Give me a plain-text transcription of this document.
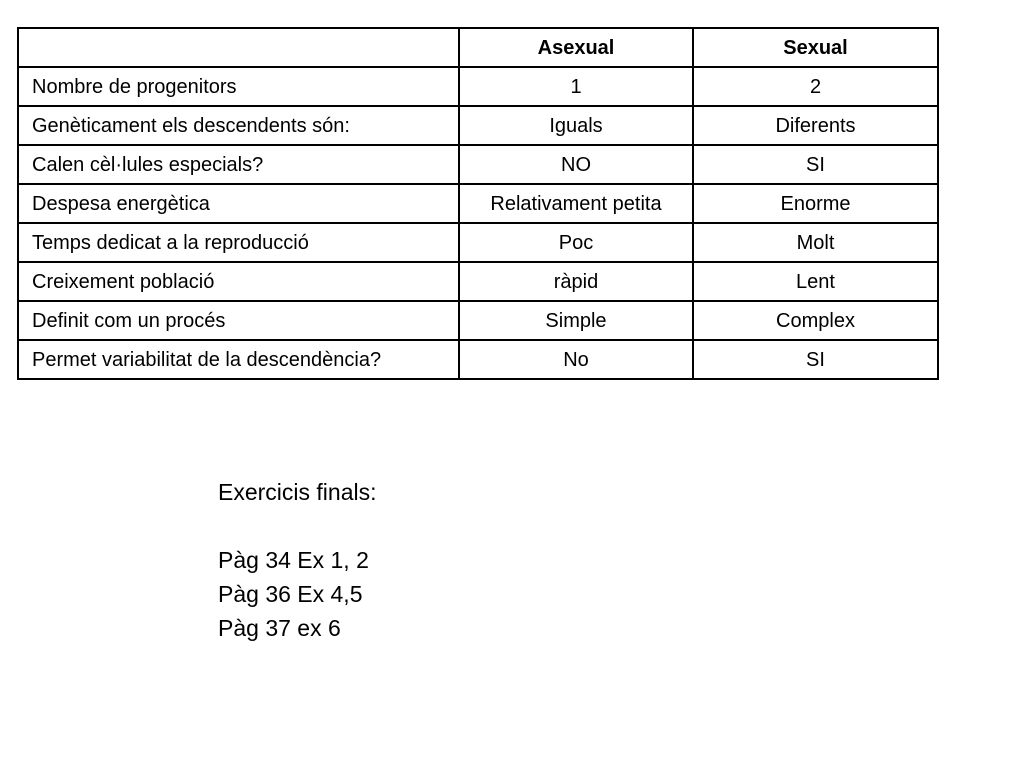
	Asexual	Sexual
Nombre de progenitors	1	2
Genèticament els descendents són:	Iguals	Diferents
Calen cèl·lules especials?	NO	SI
Despesa energètica	Relativament petita	Enorme
Temps dedicat a la reproducció	Poc	Molt
Creixement població	ràpid	Lent
Definit com un procés	Simple	Complex
Permet variabilitat de la descendència?	No	SI
Exercicis finals:
Pàg 34 Ex 1, 2
Pàg 36 Ex 4,5
Pàg 37 ex 6
